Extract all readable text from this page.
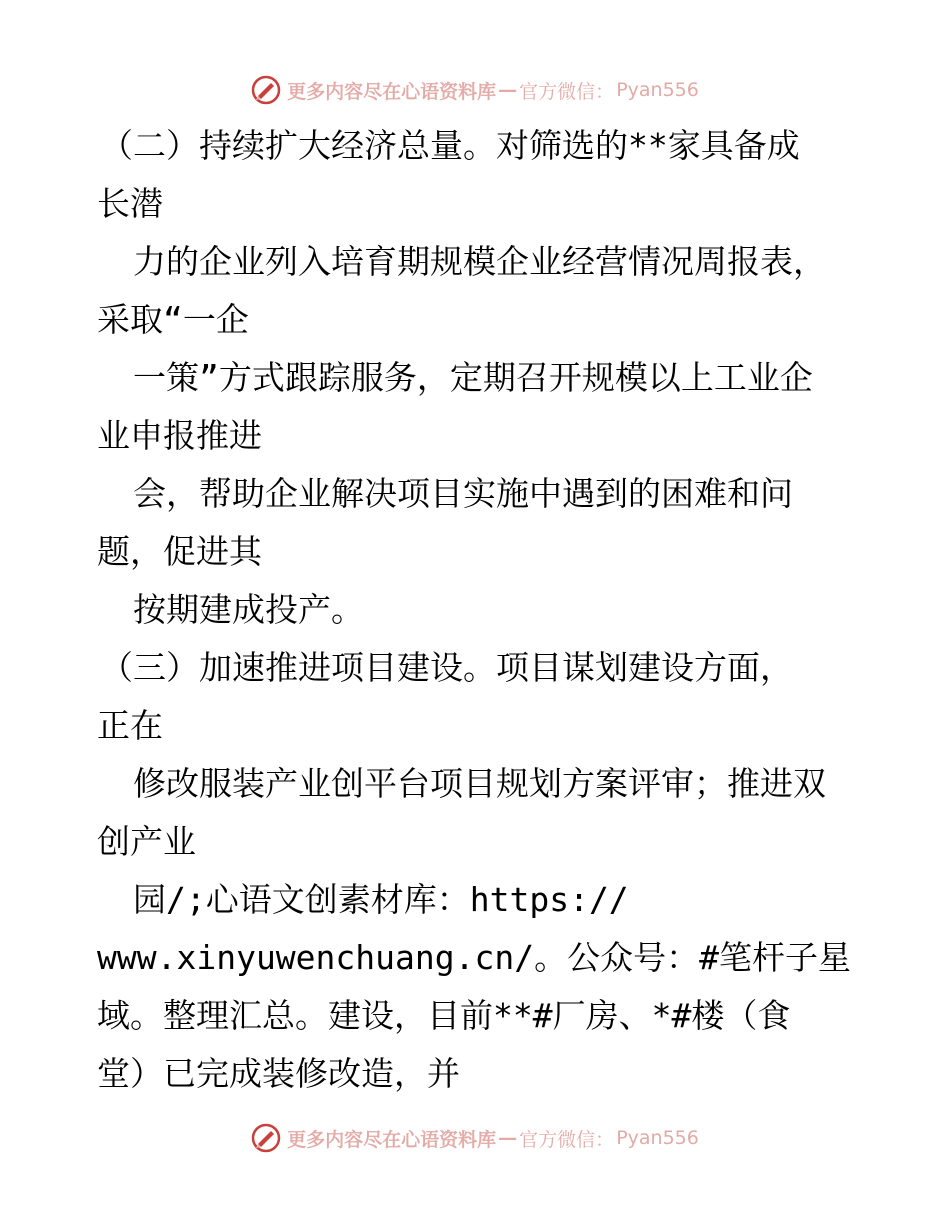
更多内容尽在心语资料库 — 官方微信： Pyan556
（二）持续扩大经济总量。对筛选的**家具备成
长潜
力的企业列入培育期规模企业经营情况周报表，
采取“一企
一策”方式跟踪服务，定期召开规模以上工业企
业申报推进
会，帮助企业解决项目实施中遇到的困难和问
题，促进其
按期建成投产。
（三）加速推进项目建设。项目谋划建设方面，
正在
修改服装产业创平台项目规划方案评审；推进双
创产业
园/;心语文创素材库：https://
www.xinyuwenchuang.cn/。公众号：#笔杆子星
域。整理汇总。建设，目前**#厂房、*#楼（食
堂）已完成装修改造，并
更多内容尽在心语资料库 — 官方微信： Pyan556
